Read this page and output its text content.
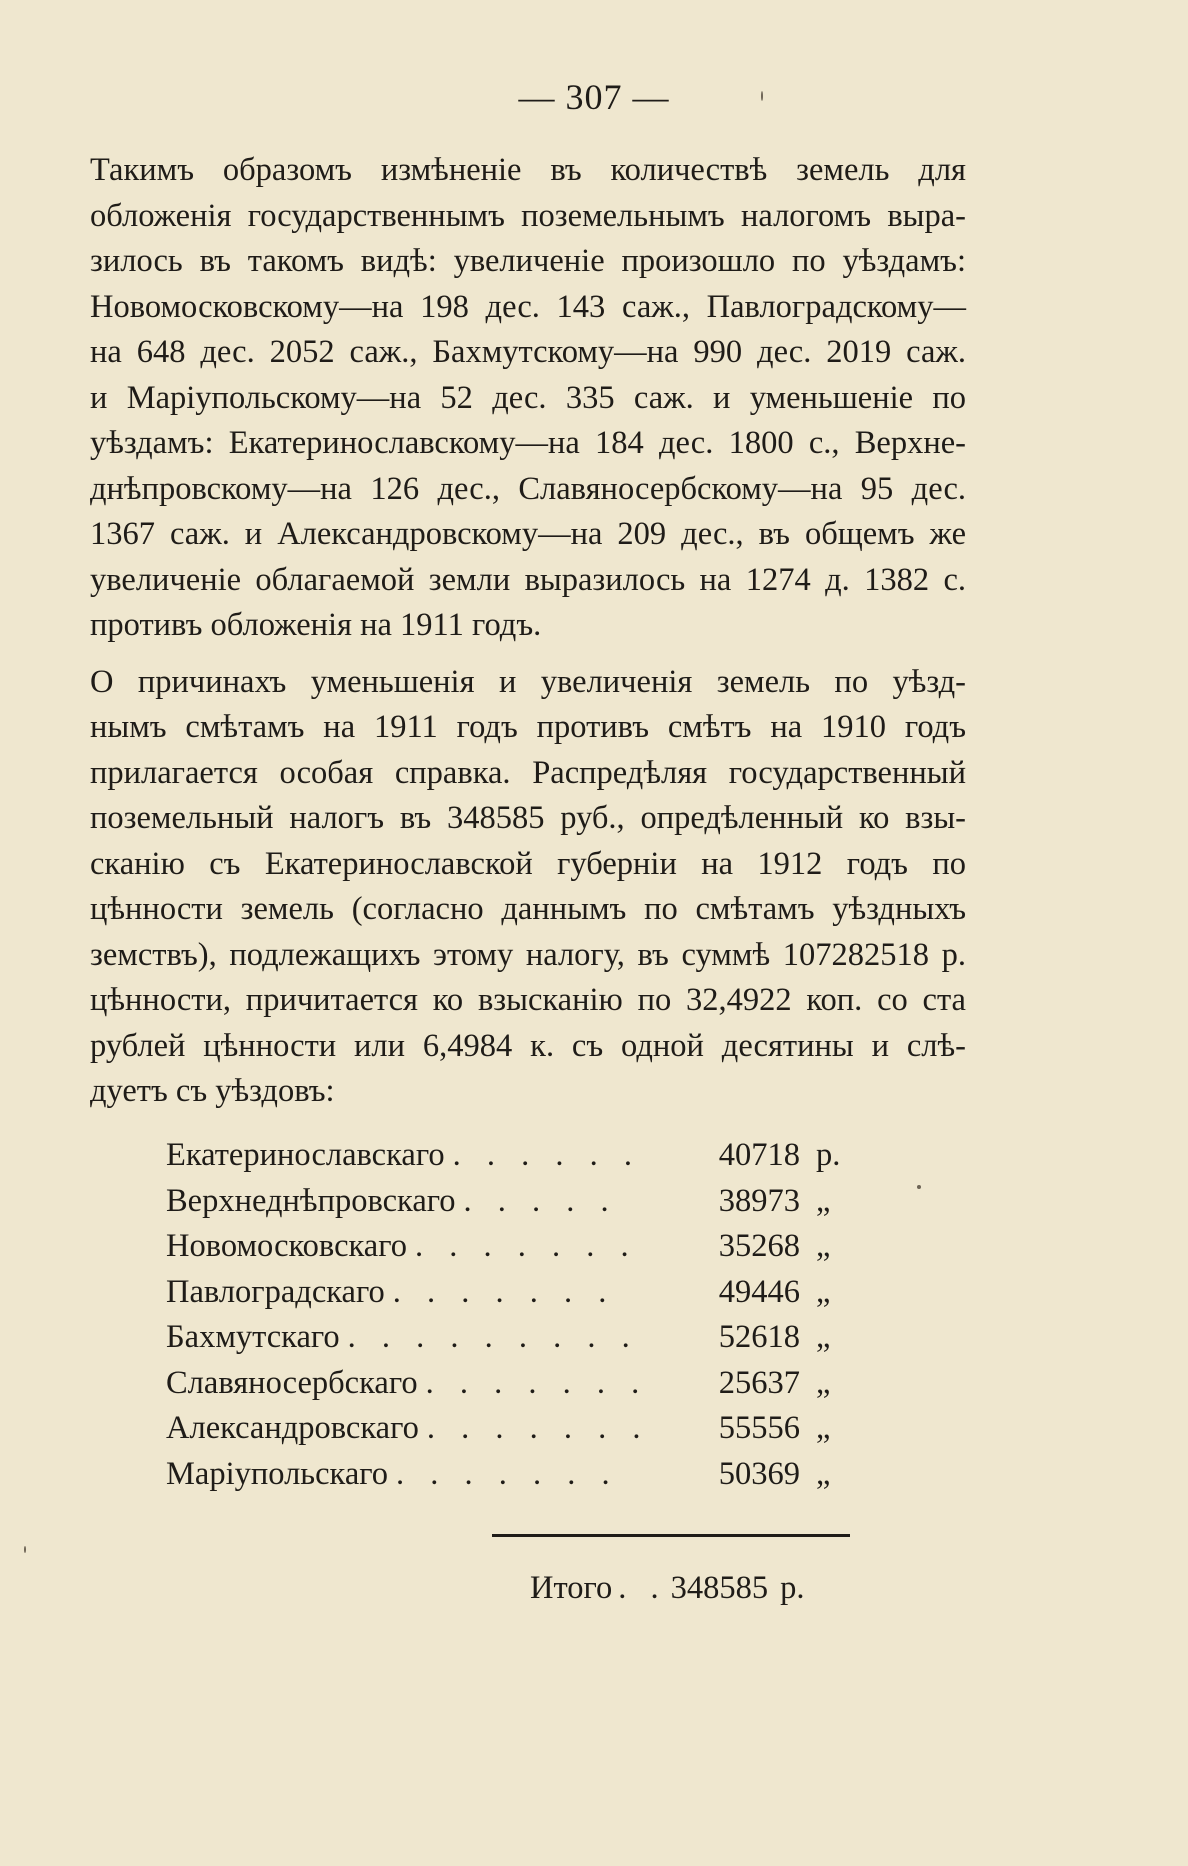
— 307 —

Такимъ образомъ измѣненіе въ количествѣ земель для
обложенія государственнымъ поземельнымъ налогомъ выра-
зилось въ такомъ видѣ: увеличеніе произошло по уѣздамъ:
Новомосковскому—на 198 дес. 143 саж., Павлоградскому—
на 648 дес. 2052 саж., Бахмутскому—на 990 дес. 2019 саж.
и Маріупольскому—на 52 дес. 335 саж. и уменьшеніе по
уѣздамъ: Екатеринославскому—на 184 дес. 1800 с., Верхне-
днѣпровскому—на 126 дес., Славяносербскому—на 95 дес.
1367 саж. и Александровскому—на 209 дес., въ общемъ же
увеличеніе облагаемой земли выразилось на 1274 д. 1382 с.
противъ обложенія на 1911 годъ.

О причинахъ уменьшенія и увеличенія земель по уѣзд-
нымъ смѣтамъ на 1911 годъ противъ смѣтъ на 1910 годъ
прилагается особая справка. Распредѣляя государственный
поземельный налогъ въ 348585 руб., опредѣленный ко взы-
сканію съ Екатеринославской губерніи на 1912 годъ по
цѣнности земель (согласно даннымъ по смѣтамъ уѣздныхъ
земствъ), подлежащихъ этому налогу, въ суммѣ 107282518 р.
цѣнности, причитается ко взысканію по 32,4922 коп. со ста
рублей цѣнности или 6,4984 к. съ одной десятины и слѣ-
дуетъ съ уѣздовъ:

Екатеринославскаго . . . . . .	40718 р.
Верхнеднѣпровскаго . . . . .	38973 „
Новомосковскаго . . . . . . .	35268 „
Павлоградскаго . . . . . . .	49446 „
Бахмутскаго . . . . . . . . .	52618 „
Славяносербскаго . . . . . . .	25637 „
Александровскаго . . . . . . .	55556 „
Маріупольскаго . . . . . . .	50369 „
Итого . . 348585 р.
